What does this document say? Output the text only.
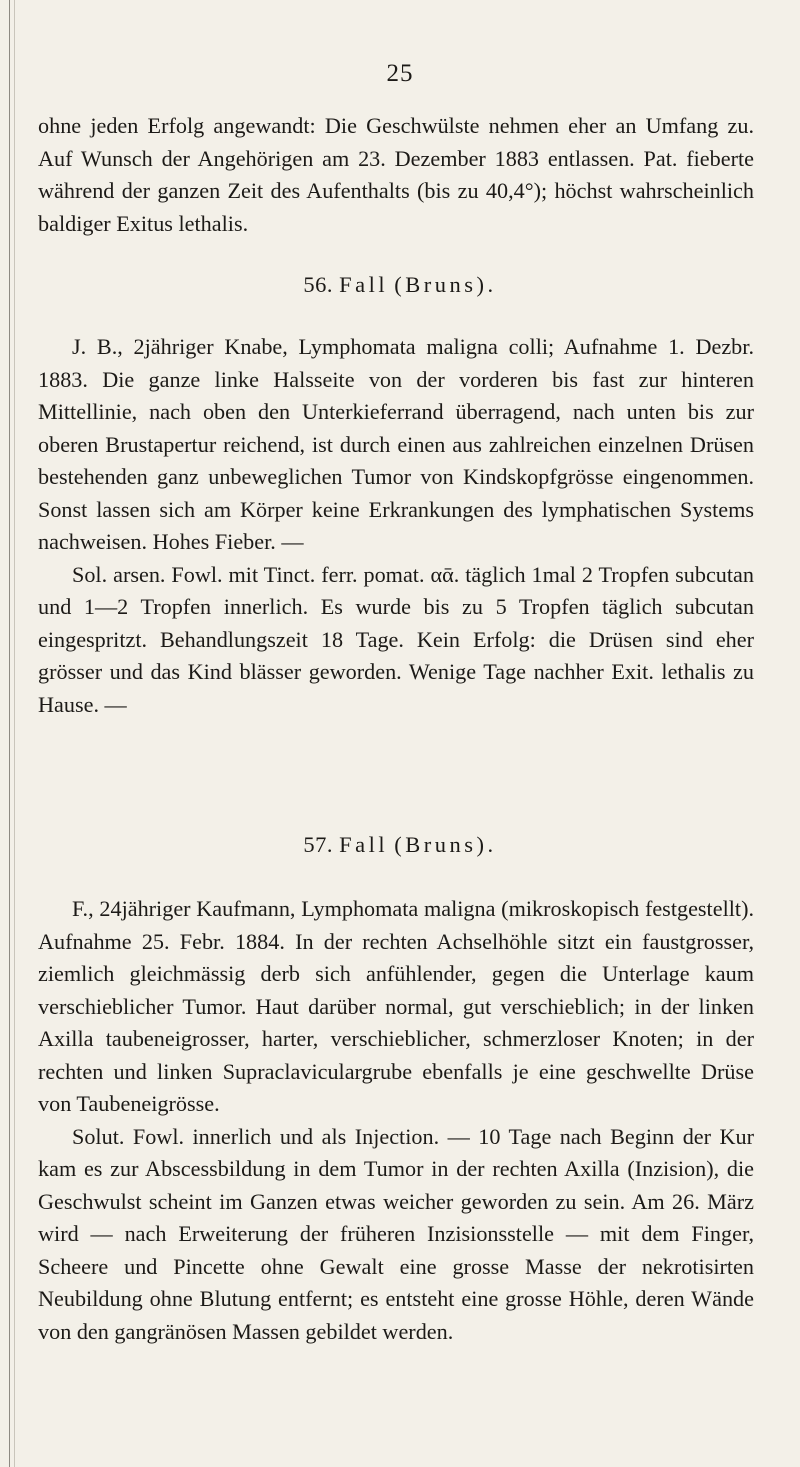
25

ohne jeden Erfolg angewandt: Die Geschwülste nehmen eher an Umfang zu. Auf Wunsch der Angehörigen am 23. Dezember 1883 entlassen. Pat. fieberte während der ganzen Zeit des Aufenthalts (bis zu 40,4°); höchst wahrscheinlich baldiger Exitus lethalis.

56. Fall (Bruns).

J. B., 2jähriger Knabe, Lymphomata maligna colli; Aufnahme 1. Dezbr. 1883. Die ganze linke Halsseite von der vorderen bis fast zur hinteren Mittellinie, nach oben den Unterkieferrand überragend, nach unten bis zur oberen Brustapertur reichend, ist durch einen aus zahlreichen einzelnen Drüsen bestehenden ganz unbeweglichen Tumor von Kindskopfgrösse eingenommen. Sonst lassen sich am Körper keine Erkrankungen des lymphatischen Systems nachweisen. Hohes Fieber. —

Sol. arsen. Fowl. mit Tinct. ferr. pomat. αᾱ. täglich 1mal 2 Tropfen subcutan und 1—2 Tropfen innerlich. Es wurde bis zu 5 Tropfen täglich subcutan eingespritzt. Behandlungszeit 18 Tage. Kein Erfolg: die Drüsen sind eher grösser und das Kind blässer geworden. Wenige Tage nachher Exit. lethalis zu Hause. —

57. Fall (Bruns).

F., 24jähriger Kaufmann, Lymphomata maligna (mikroskopisch festgestellt). Aufnahme 25. Febr. 1884. In der rechten Achselhöhle sitzt ein faustgrosser, ziemlich gleichmässig derb sich anfühlender, gegen die Unterlage kaum verschieblicher Tumor. Haut darüber normal, gut verschieblich; in der linken Axilla taubeneigrosser, harter, verschieblicher, schmerzloser Knoten; in der rechten und linken Supraclaviculargrube ebenfalls je eine geschwellte Drüse von Taubeneigrösse.

Solut. Fowl. innerlich und als Injection. — 10 Tage nach Beginn der Kur kam es zur Abscessbildung in dem Tumor in der rechten Axilla (Inzision), die Geschwulst scheint im Ganzen etwas weicher geworden zu sein. Am 26. März wird — nach Erweiterung der früheren Inzisionsstelle — mit dem Finger, Scheere und Pincette ohne Gewalt eine grosse Masse der nekrotisirten Neubildung ohne Blutung entfernt; es entsteht eine grosse Höhle, deren Wände von den gangränösen Massen gebildet werden.
